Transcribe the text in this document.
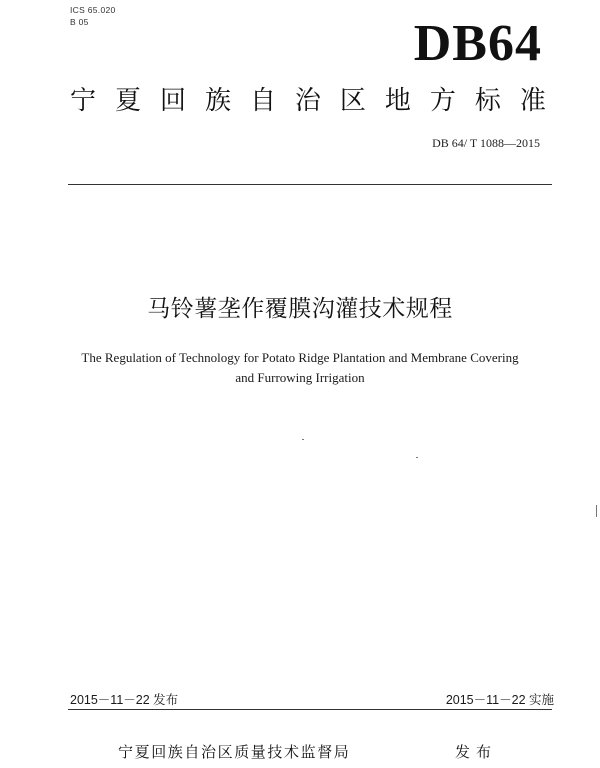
ICS 65.020
B 05	DB64
宁 夏 回 族 自 治 区 地 方 标 准
DB 64/ T 1088—2015
马铃薯垄作覆膜沟灌技术规程
The Regulation of Technology for Potato Ridge Plantation and Membrane Covering
and Furrowing Irrigation
2015－11－22 发布	2015－11－22 实施
宁夏回族自治区质量技术监督局	发布
